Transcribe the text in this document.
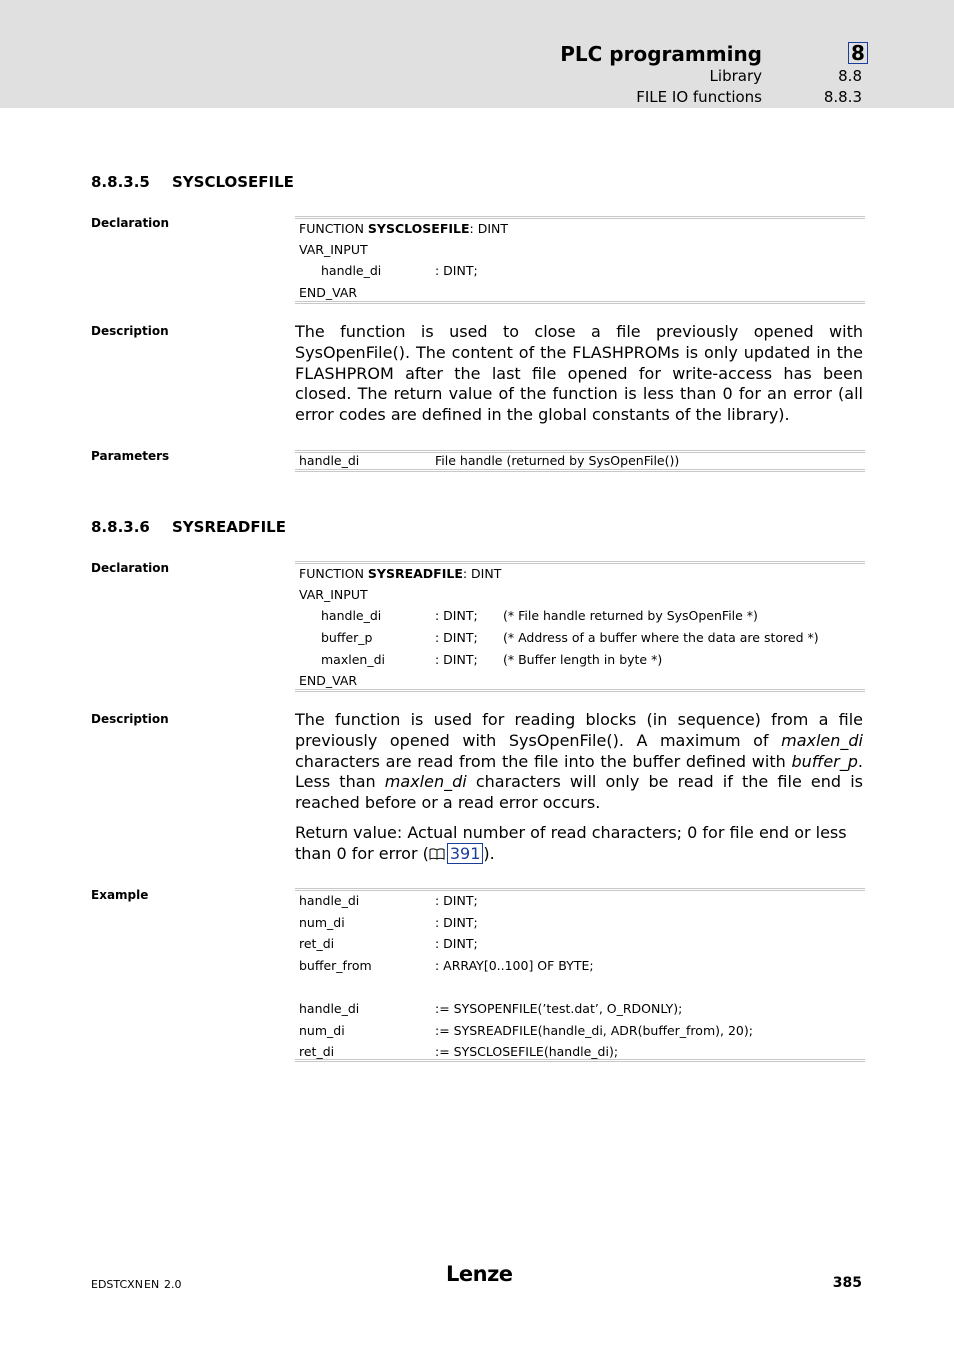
PLC programming	8
Library	8.8
FILE IO functions	8.8.3
8.8.3.5 SYSCLOSEFILE
Declaration	FUNCTION SYSCLOSEFILE: DINT
VAR_INPUT
handle_di	: DINT;
END_VAR
Description	The function is used to close a file previously opened with SysOpenFile(). The content of the FLASHPROMs is only updated in the FLASHPROM after the last file opened for write-access has been closed. The return value of the function is less than 0 for an error (all error codes are defined in the global constants of the library).
Parameters	handle_di	File handle (returned by SysOpenFile())
8.8.3.6 SYSREADFILE
Declaration	FUNCTION SYSREADFILE: DINT
VAR_INPUT
handle_di	: DINT; (* File handle returned by SysOpenFile *)
buffer_p	: DINT; (* Address of a buffer where the data are stored *)
maxlen_di	: DINT; (* Buffer length in byte *)
END_VAR
Description	The function is used for reading blocks (in sequence) from a file previously opened with SysOpenFile(). A maximum of maxlen_di characters are read from the file into the buffer defined with buffer_p. Less than maxlen_di characters will only be read if the file end is reached before or a read error occurs.
Return value: Actual number of read characters; 0 for file end or less than 0 for error ( 391 ).
Example	handle_di	: DINT;
num_di	: DINT;
ret_di	: DINT;
buffer_from	: ARRAY[0..100] OF BYTE;
handle_di	:= SYSOPENFILE(’test.dat’, O_RDONLY);
num_di	:= SYSREADFILE(handle_di, ADR(buffer_from), 20);
ret_di	:= SYSCLOSEFILE(handle_di);
EDSTCXN EN 2.0	Lenze	385
